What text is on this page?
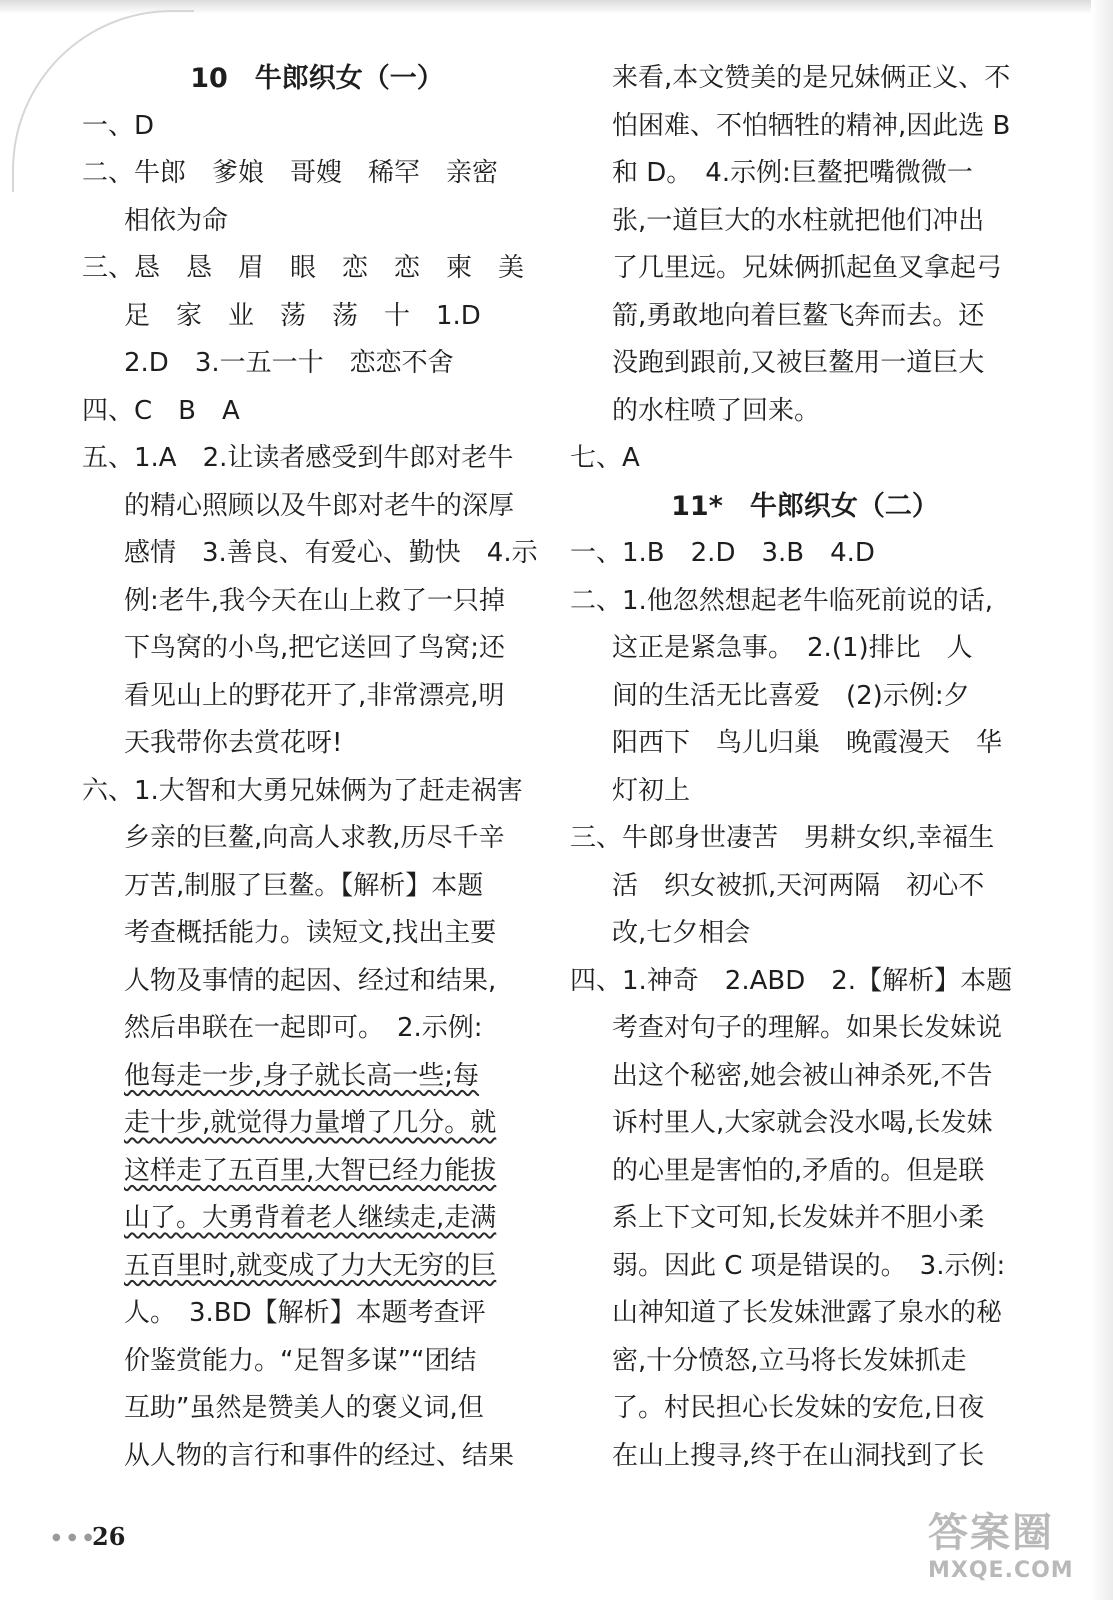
10　牛郎织女（一）
一、D
二、牛郎　爹娘　哥嫂　稀罕　亲密
相依为命
三、恳　恳　眉　眼　恋　恋　柬　美
足　家　业　荡　荡　十　1.D
2.D　3.一五一十　恋恋不舍
四、C　B　A
五、1.A　2.让读者感受到牛郎对老牛
的精心照顾以及牛郎对老牛的深厚
感情　3.善良、有爱心、勤快　4.示
例:老牛,我今天在山上救了一只掉
下鸟窝的小鸟,把它送回了鸟窝;还
看见山上的野花开了,非常漂亮,明
天我带你去赏花呀!
六、1.大智和大勇兄妹俩为了赶走祸害
乡亲的巨鳌,向高人求教,历尽千辛
万苦,制服了巨鳌。【解析】本题
考查概括能力。读短文,找出主要
人物及事情的起因、经过和结果,
然后串联在一起即可。　2.示例:
他每走一步,身子就长高一些;每
走十步,就觉得力量增了几分。就
这样走了五百里,大智已经力能拔
山了。大勇背着老人继续走,走满
五百里时,就变成了力大无穷的巨
人。　3.BD【解析】本题考查评
价鉴赏能力。“足智多谋”“团结
互助”虽然是赞美人的褒义词,但
从人物的言行和事件的经过、结果
来看,本文赞美的是兄妹俩正义、不
怕困难、不怕牺牲的精神,因此选 B
和 D。　4.示例:巨鳌把嘴微微一
张,一道巨大的水柱就把他们冲出
了几里远。兄妹俩抓起鱼叉拿起弓
箭,勇敢地向着巨鳌飞奔而去。还
没跑到跟前,又被巨鳌用一道巨大
的水柱喷了回来。
七、A
11*　牛郎织女（二）
一、1.B　2.D　3.B　4.D
二、1.他忽然想起老牛临死前说的话,
这正是紧急事。　2.(1)排比　人
间的生活无比喜爱　(2)示例:夕
阳西下　鸟儿归巢　晚霞漫天　华
灯初上
三、牛郎身世凄苦　男耕女织,幸福生
活　织女被抓,天河两隔　初心不
改,七夕相会
四、1.神奇　2.ABD　2.【解析】本题
考查对句子的理解。如果长发妹说
出这个秘密,她会被山神杀死,不告
诉村里人,大家就会没水喝,长发妹
的心里是害怕的,矛盾的。但是联
系上下文可知,长发妹并不胆小柔
弱。因此 C 项是错误的。　3.示例:
山神知道了长发妹泄露了泉水的秘
密,十分愤怒,立马将长发妹抓走
了。村民担心长发妹的安危,日夜
在山上搜寻,终于在山洞找到了长
● ● ●
26	答案圈
MXQE.COM
